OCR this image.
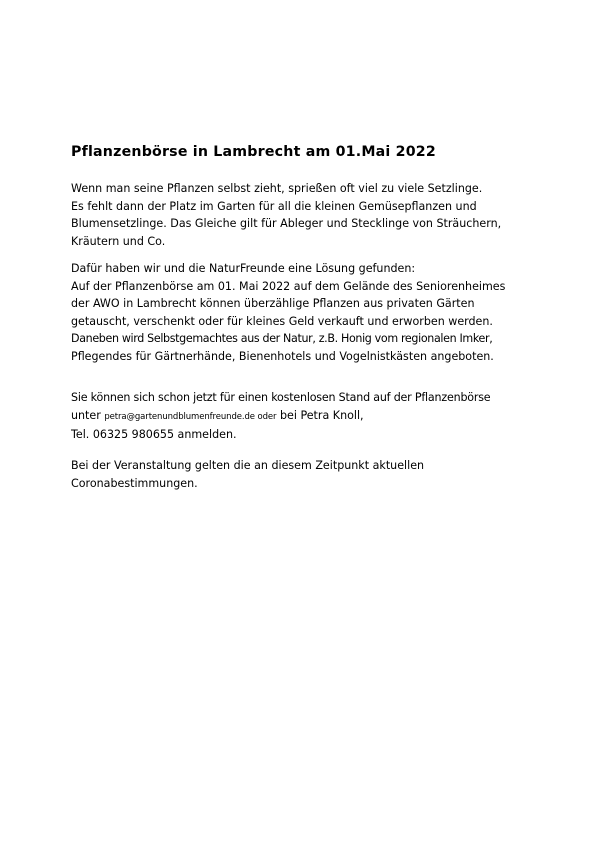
Pflanzenbörse in Lambrecht am 01.Mai 2022
Wenn man seine Pflanzen selbst zieht, sprießen oft viel zu viele Setzlinge.
Es fehlt dann der Platz im Garten für all die kleinen Gemüsepflanzen und
Blumensetzlinge. Das Gleiche gilt für Ableger und Stecklinge von Sträuchern,
Kräutern und Co.
Dafür haben wir und die NaturFreunde eine Lösung gefunden:
Auf der Pflanzenbörse am 01. Mai 2022 auf dem Gelände des Seniorenheimes
der AWO in Lambrecht können überzählige Pflanzen aus privaten Gärten
getauscht, verschenkt oder für kleines Geld verkauft und erworben werden.
Daneben wird Selbstgemachtes aus der Natur, z.B. Honig vom regionalen Imker,
Pflegendes für Gärtnerhände, Bienenhotels und Vogelnistkästen angeboten.
Sie können sich schon jetzt für einen kostenlosen Stand auf der Pflanzenbörse
unter petra@gartenundblumenfreunde.de oder bei Petra Knoll,
Tel. 06325 980655 anmelden.
Bei der Veranstaltung gelten die an diesem Zeitpunkt aktuellen
Coronabestimmungen.
